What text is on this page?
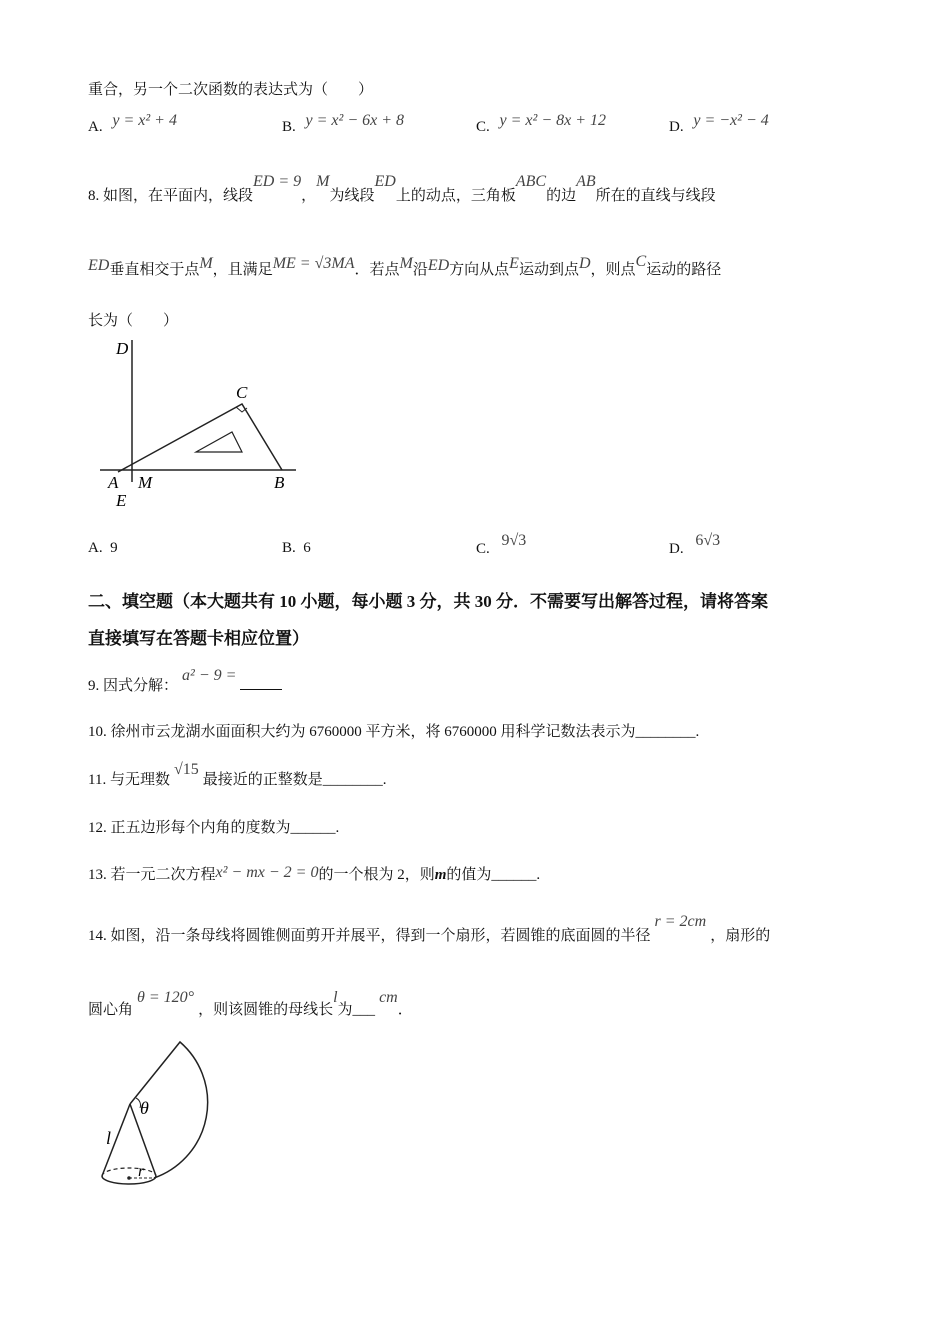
重合，另一个二次函数的表达式为（　　）
A. y = x² + 4	B. y = x² − 6x + 8	C. y = x² − 8x + 12	D. y = −x² − 4
8. 如图，在平面内，线段ED = 9，M为线段ED上的动点，三角板ABC的边AB所在的直线与线段
ED垂直相交于点M，且满足ME = √3MA．若点M沿ED方向从点E运动到点D，则点C运动的路径
长为（　　）
D
C
A M	B
E
A. 9	B. 6	C. 9√3	D. 6√3
二、填空题（本大题共有 10 小题，每小题 3 分，共 30 分．不需要写出解答过程，请将答案
直接填写在答题卡相应位置）
9. 因式分解：a² − 9 =
10. 徐州市云龙湖水面面积大约为 6760000 平方米，将 6760000 用科学记数法表示为________.
11. 与无理数√15最接近的正整数是________.
12. 正五边形每个内角的度数为______.
13. 若一元二次方程x² − mx − 2 = 0的一个根为 2，则m的值为______.
14. 如图，沿一条母线将圆锥侧面剪开并展平，得到一个扇形，若圆锥的底面圆的半径r = 2cm，扇形的
圆心角θ = 120°，则该圆锥的母线长l为___cm．
θ
l
r
